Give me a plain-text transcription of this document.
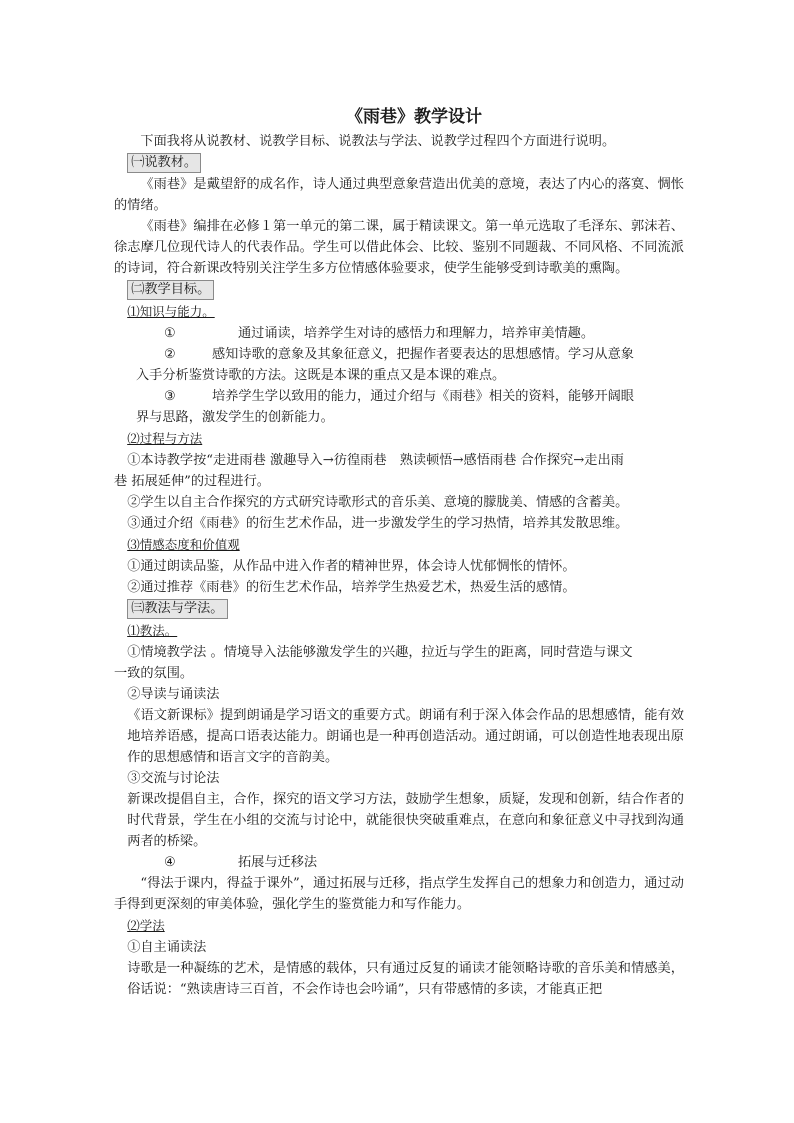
《雨巷》教学设计

下面我将从说教材、说教学目标、说教法与学法、说教学过程四个方面进行说明。

㈠说教材。

《雨巷》是戴望舒的成名作，诗人通过典型意象营造出优美的意境，表达了内心的落寞、惆怅的情绪。

《雨巷》编排在必修１第一单元的第二课，属于精读课文。第一单元选取了毛泽东、郭沫若、徐志摩几位现代诗人的代表作品。学生可以借此体会、比较、鉴别不同题裁、不同风格、不同流派的诗词，符合新课改特别关注学生多方位情感体验要求，使学生能够受到诗歌美的熏陶。

㈡教学目标。

⑴知识与能力。

①	通过诵读，培养学生对诗的感悟力和理解力，培养审美情趣。
②	感知诗歌的意象及其象征意义，把握作者要表达的思想感情。学习从意象

入手分析鉴赏诗歌的方法。这既是本课的重点又是本课的难点。

③	培养学生学以致用的能力，通过介绍与《雨巷》相关的资料，能够开阔眼

界与思路，激发学生的创新能力。

⑵过程与方法

①本诗教学按“走进雨巷 激趣导入→彷徨雨巷　熟读顿悟→感悟雨巷 合作探究→走出雨

巷 拓展延伸”的过程进行。

②学生以自主合作探究的方式研究诗歌形式的音乐美、意境的朦胧美、情感的含蓄美。

③通过介绍《雨巷》的衍生艺术作品，进一步激发学生的学习热情，培养其发散思维。

⑶情感态度和价值观

①通过朗读品鉴，从作品中进入作者的精神世界，体会诗人忧郁惆怅的情怀。

②通过推荐《雨巷》的衍生艺术作品，培养学生热爱艺术，热爱生活的感情。

㈢教法与学法。

⑴教法。

①情境教学法 。情境导入法能够激发学生的兴趣，拉近与学生的距离，同时营造与课文

一致的氛围。

②导读与诵读法

《语文新课标》提到朗诵是学习语文的重要方式。朗诵有利于深入体会作品的思想感情，能有效地培养语感，提高口语表达能力。朗诵也是一种再创造活动。通过朗诵，可以创造性地表现出原作的思想感情和语言文字的音韵美。

③交流与讨论法

新课改提倡自主，合作，探究的语文学习方法，鼓励学生想象，质疑，发现和创新，结合作者的时代背景，学生在小组的交流与讨论中，就能很快突破重难点，在意向和象征意义中寻找到沟通两者的桥梁。

④	拓展与迁移法

“得法于课内，得益于课外”，通过拓展与迁移，指点学生发挥自己的想象力和创造力，通过动手得到更深刻的审美体验，强化学生的鉴赏能力和写作能力。

⑵学法

①自主诵读法

诗歌是一种凝练的艺术，是情感的载体，只有通过反复的诵读才能领略诗歌的音乐美和情感美，俗话说：“熟读唐诗三百首，不会作诗也会吟诵”，只有带感情的多读，才能真正把
